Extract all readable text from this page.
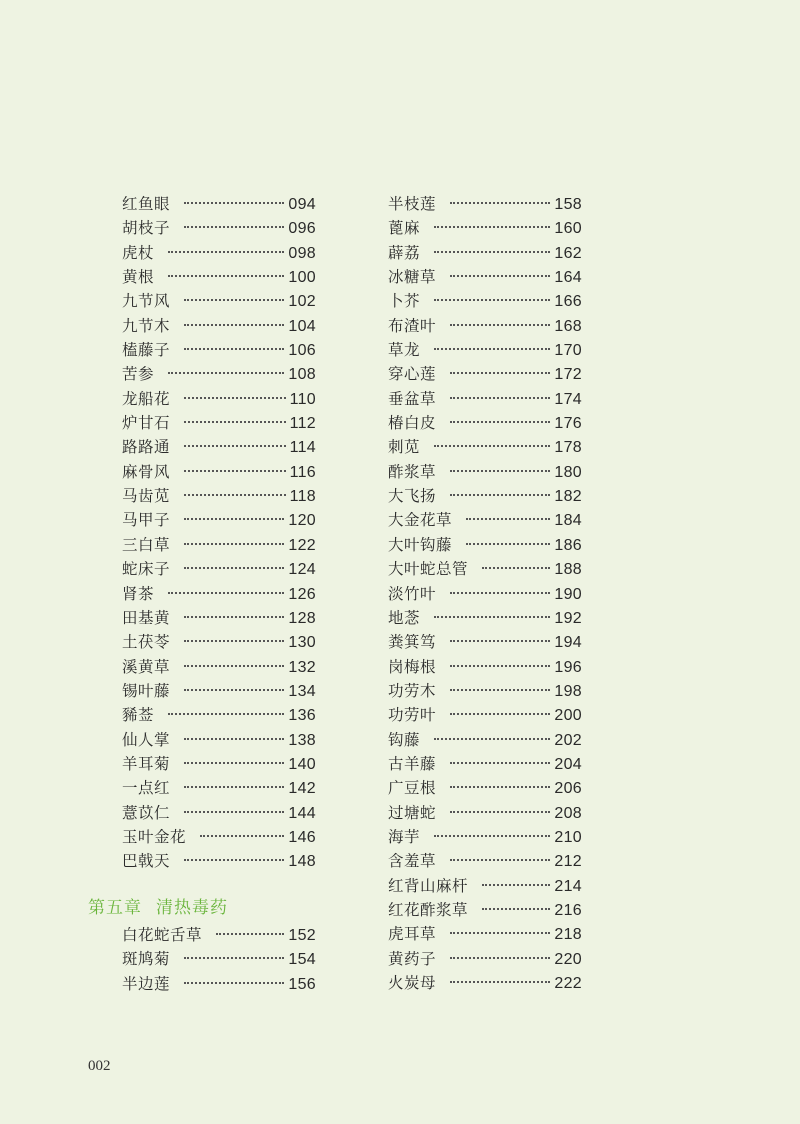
红鱼眼	094
胡枝子	096
虎杖	098
黄根	100
九节风	102
九节木	104
榼藤子	106
苦参	108
龙船花	110
炉甘石	112
路路通	114
麻骨风	116
马齿苋	118
马甲子	120
三白草	122
蛇床子	124
肾茶	126
田基黄	128
土茯苓	130
溪黄草	132
锡叶藤	134
豨莶	136
仙人掌	138
羊耳菊	140
一点红	142
薏苡仁	144
玉叶金花	146
巴戟天	148
第五章 清热毒药
白花蛇舌草	152
斑鸠菊	154
半边莲	156
半枝莲	158
蓖麻	160
薜荔	162
冰糖草	164
卜芥	166
布渣叶	168
草龙	170
穿心莲	172
垂盆草	174
椿白皮	176
刺苋	178
酢浆草	180
大飞扬	182
大金花草	184
大叶钩藤	186
大叶蛇总管	188
淡竹叶	190
地菍	192
粪箕笃	194
岗梅根	196
功劳木	198
功劳叶	200
钩藤	202
古羊藤	204
广豆根	206
过塘蛇	208
海芋	210
含羞草	212
红背山麻杆	214
红花酢浆草	216
虎耳草	218
黄药子	220
火炭母	222
002
